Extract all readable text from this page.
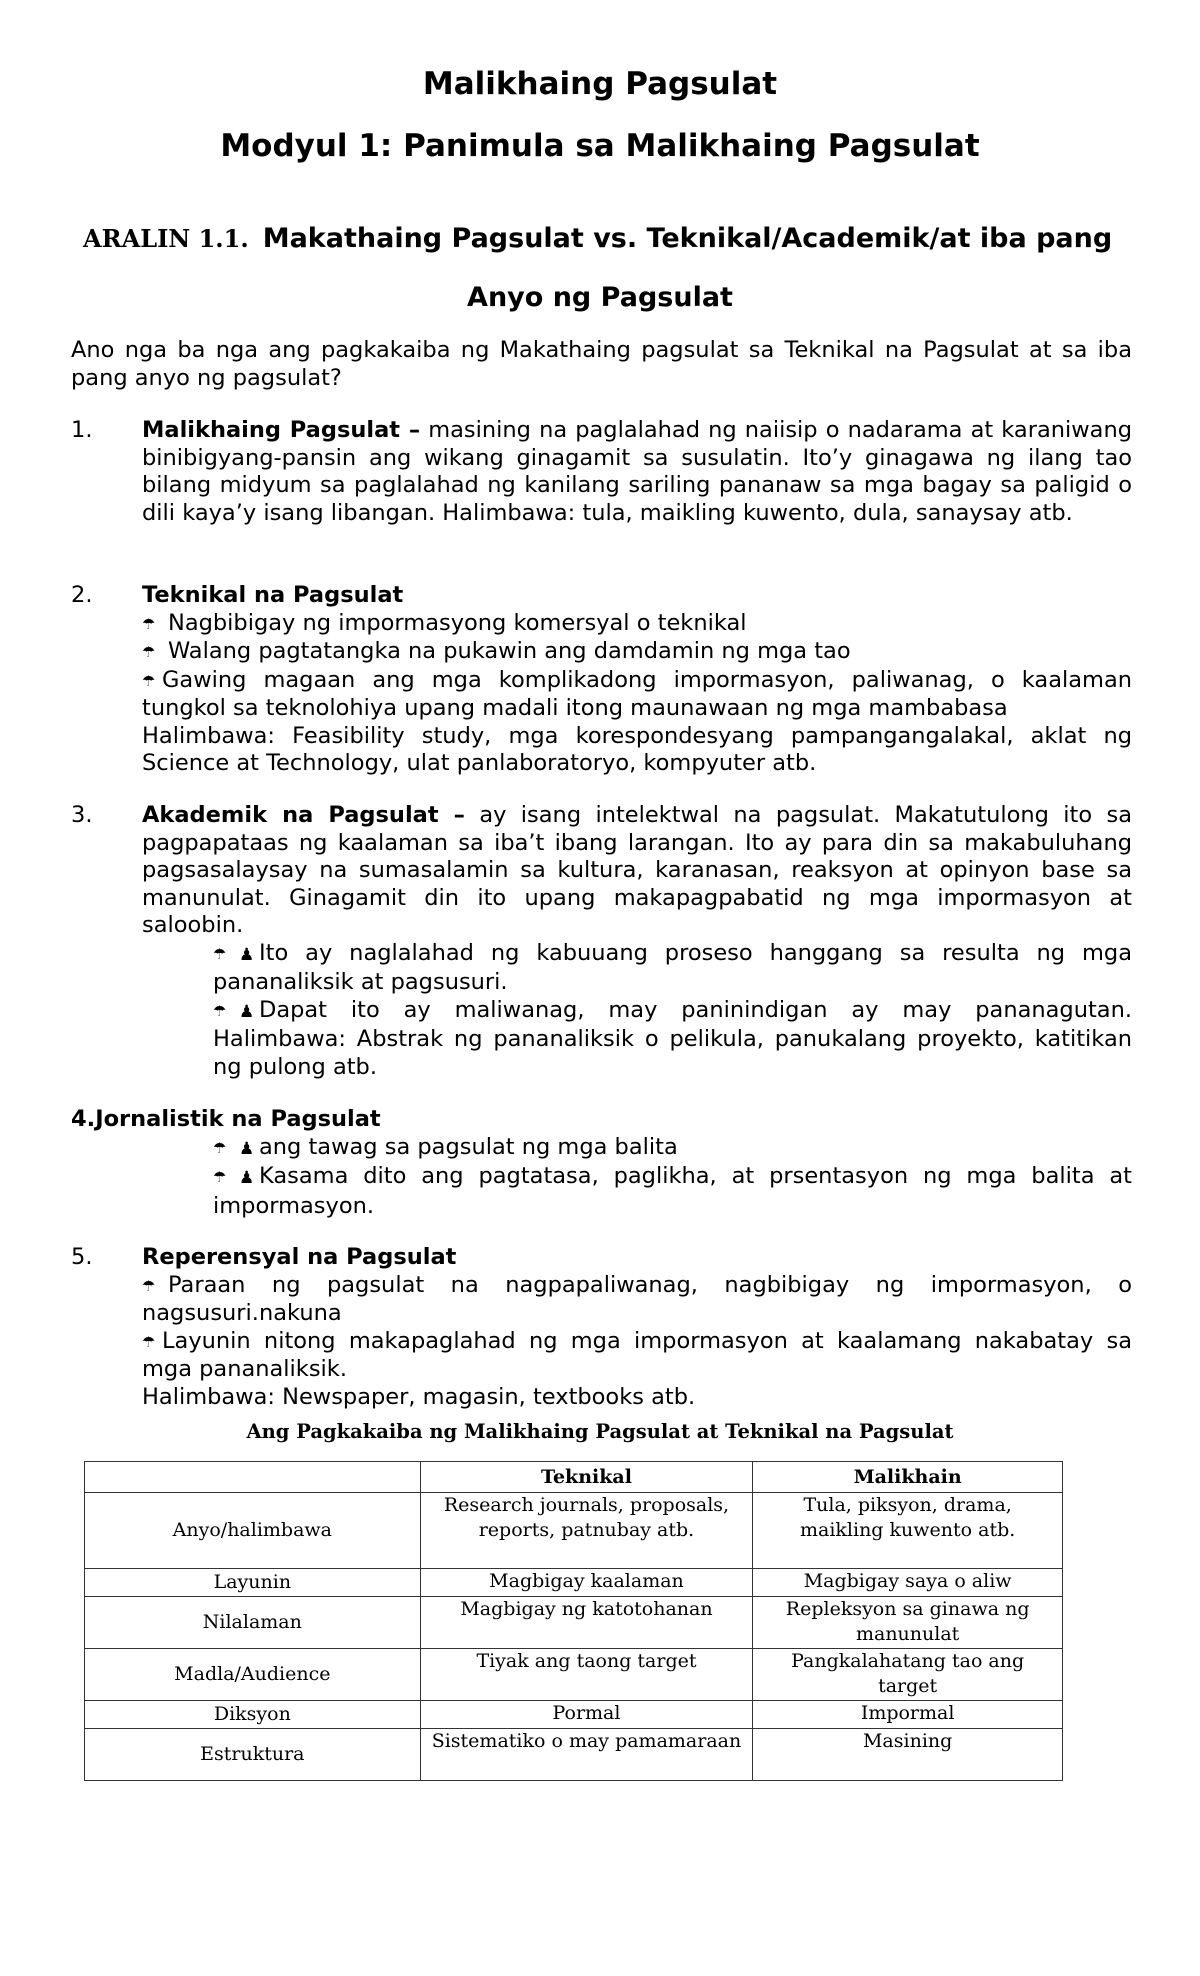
Malikhaing Pagsulat
Modyul 1: Panimula sa Malikhaing Pagsulat
ARALIN 1.1. Makathaing Pagsulat vs. Teknikal/Academik/at iba pang
Anyo ng Pagsulat
Ano nga ba nga ang pagkakaiba ng Makathaing pagsulat sa Teknikal na Pagsulat at sa iba pang anyo ng pagsulat?
1. Malikhaing Pagsulat – masining na paglalahad ng naiisip o nadarama at karaniwang binibigyang-pansin ang wikang ginagamit sa susulatin. Ito’y ginagawa ng ilang tao bilang midyum sa paglalahad ng kanilang sariling pananaw sa mga bagay sa paligid o dili kaya’y isang libangan. Halimbawa: tula, maikling kuwento, dula, sanaysay atb.
2. Teknikal na Pagsulat
☂ Nagbibigay ng impormasyong komersyal o teknikal
☂ Walang pagtatangka na pukawin ang damdamin ng mga tao
☂ Gawing magaan ang mga komplikadong impormasyon, paliwanag, o kaalaman tungkol sa teknolohiya upang madali itong maunawaan ng mga mambabasa
Halimbawa: Feasibility study, mga korespondesyang pampangangalakal, aklat ng Science at Technology, ulat panlaboratoryo, kompyuter atb.
3. Akademik na Pagsulat – ay isang intelektwal na pagsulat. Makatutulong ito sa pagpapataas ng kaalaman sa iba’t ibang larangan. Ito ay para din sa makabuluhang pagsasalaysay na sumasalamin sa kultura, karanasan, reaksyon at opinyon base sa manunulat. Ginagamit din ito upang makapagpabatid ng mga impormasyon at saloobin.
☂ ♟ Ito ay naglalahad ng kabuuang proseso hanggang sa resulta ng mga pananaliksik at pagsusuri.
☂ ♟ Dapat ito ay maliwanag, may paninindigan ay may pananagutan. Halimbawa: Abstrak ng pananaliksik o pelikula, panukalang proyekto, katitikan ng pulong atb.
4.Jornalistik na Pagsulat
☂ ♟ ang tawag sa pagsulat ng mga balita
☂ ♟ Kasama dito ang pagtatasa, paglikha, at prsentasyon ng mga balita at impormasyon.
5. Reperensyal na Pagsulat
☂ Paraan ng pagsulat na nagpapaliwanag, nagbibigay ng impormasyon, o nagsusuri.nakuna
☂ Layunin nitong makapaglahad ng mga impormasyon at kaalamang nakabatay sa mga pananaliksik.
Halimbawa: Newspaper, magasin, textbooks atb.
Ang Pagkakaiba ng Malikhaing Pagsulat at Teknikal na Pagsulat
	Teknikal	Malikhain
Anyo/halimbawa	Research journals, proposals, reports, patnubay atb.	Tula, piksyon, drama, maikling kuwento atb.
Layunin	Magbigay kaalaman	Magbigay saya o aliw
Nilalaman	Magbigay ng katotohanan	Repleksyon sa ginawa ng manunulat
Madla/Audience	Tiyak ang taong target	Pangkalahatang tao ang target
Diksyon	Pormal	Impormal
Estruktura	Sistematiko o may pamamaraan	Masining
